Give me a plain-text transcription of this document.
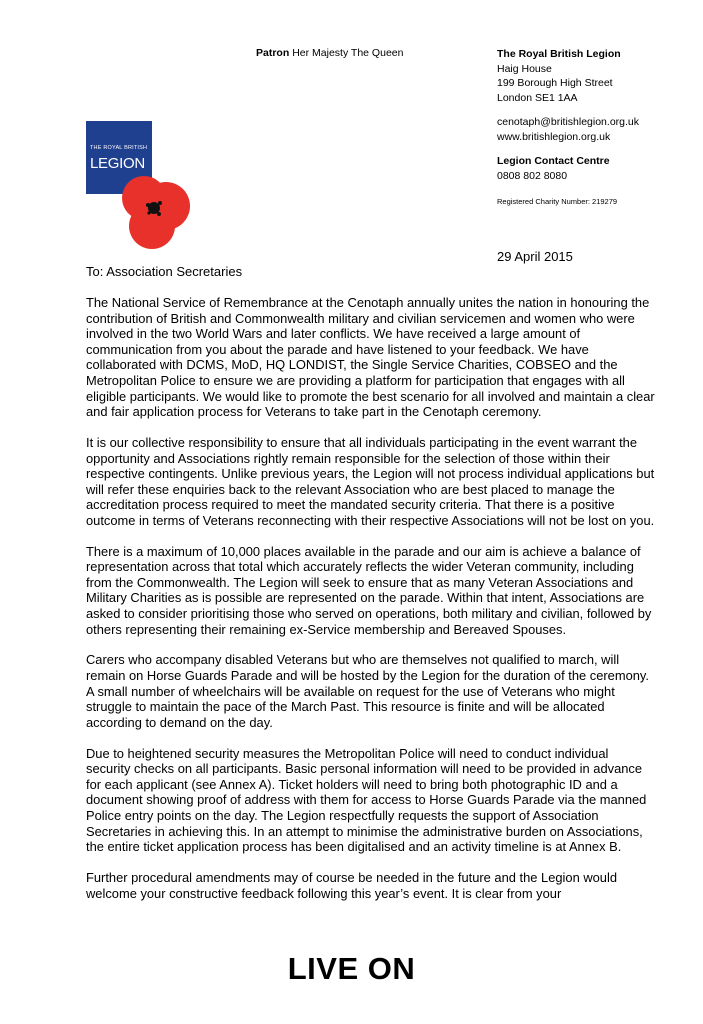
Patron Her Majesty The Queen	The Royal British Legion
Haig House
199 Borough High Street
London SE1 1AA
cenotaph@britishlegion.org.uk
www.britishlegion.org.uk
Legion Contact Centre
0808 802 8080
Registered Charity Number: 219279
THE ROYAL BRITISH
LEGION
29 April 2015
To: Association Secretaries

The National Service of Remembrance at the Cenotaph annually unites the nation in honouring the contribution of British and Commonwealth military and civilian servicemen and women who were involved in the two World Wars and later conflicts. We have received a large amount of communication from you about the parade and have listened to your feedback. We have collaborated with DCMS, MoD, HQ LONDIST, the Single Service Charities, COBSEO and the Metropolitan Police to ensure we are providing a platform for participation that engages with all eligible participants. We would like to promote the best scenario for all involved and maintain a clear and fair application process for Veterans to take part in the Cenotaph ceremony.

It is our collective responsibility to ensure that all individuals participating in the event warrant the opportunity and Associations rightly remain responsible for the selection of those within their respective contingents. Unlike previous years, the Legion will not process individual applications but will refer these enquiries back to the relevant Association who are best placed to manage the accreditation process required to meet the mandated security criteria. That there is a positive outcome in terms of Veterans reconnecting with their respective Associations will not be lost on you.

There is a maximum of 10,000 places available in the parade and our aim is achieve a balance of representation across that total which accurately reflects the wider Veteran community, including from the Commonwealth. The Legion will seek to ensure that as many Veteran Associations and Military Charities as is possible are represented on the parade. Within that intent, Associations are asked to consider prioritising those who served on operations, both military and civilian, followed by others representing their remaining ex-Service membership and Bereaved Spouses.

Carers who accompany disabled Veterans but who are themselves not qualified to march, will remain on Horse Guards Parade and will be hosted by the Legion for the duration of the ceremony. A small number of wheelchairs will be available on request for the use of Veterans who might struggle to maintain the pace of the March Past. This resource is finite and will be allocated according to demand on the day.

Due to heightened security measures the Metropolitan Police will need to conduct individual security checks on all participants. Basic personal information will need to be provided in advance for each applicant (see Annex A). Ticket holders will need to bring both photographic ID and a document showing proof of address with them for access to Horse Guards Parade via the manned Police entry points on the day. The Legion respectfully requests the support of Association Secretaries in achieving this. In an attempt to minimise the administrative burden on Associations, the entire ticket application process has been digitalised and an activity timeline is at Annex B.

Further procedural amendments may of course be needed in the future and the Legion would welcome your constructive feedback following this year’s event. It is clear from your

LIVE ON
